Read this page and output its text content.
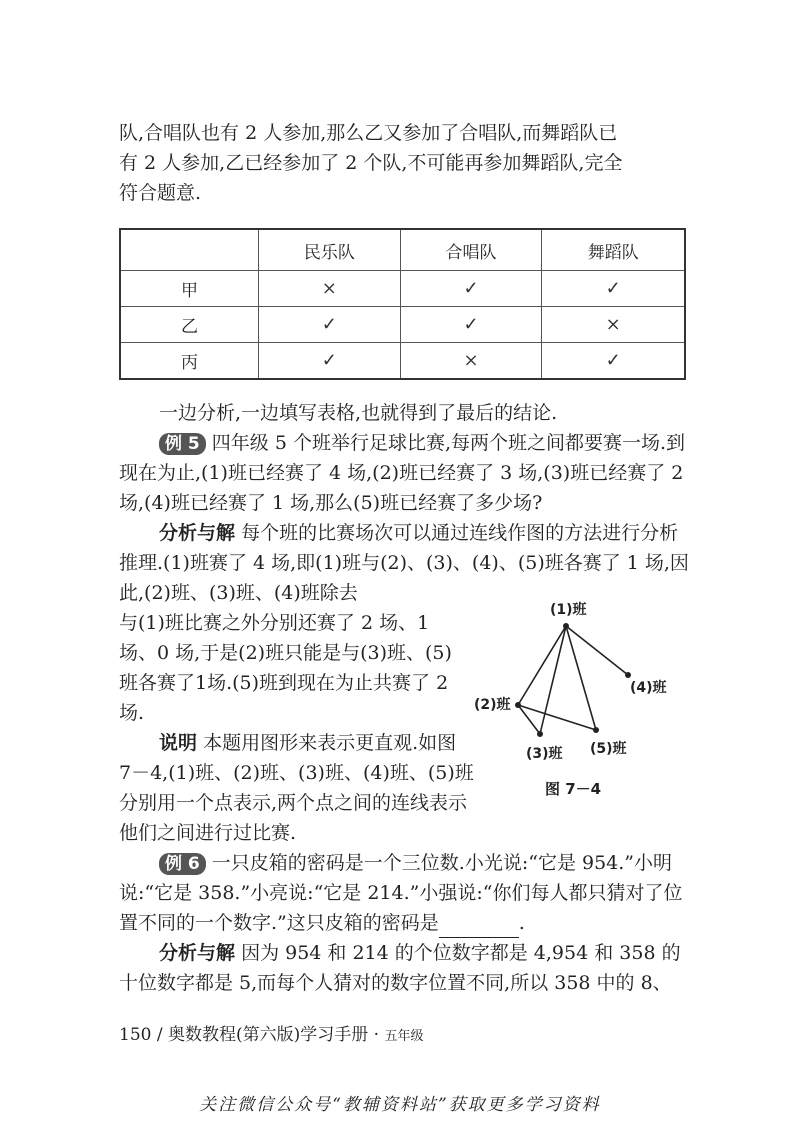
队,合唱队也有 2 人参加,那么乙又参加了合唱队,而舞蹈队已
有 2 人参加,乙已经参加了 2 个队,不可能再参加舞蹈队,完全
符合题意.

	民乐队	合唱队	舞蹈队
甲	×	✓	✓
乙	✓	✓	×
丙	✓	×	✓

一边分析,一边填写表格,也就得到了最后的结论.

例 5 四年级 5 个班举行足球比赛,每两个班之间都要赛一场.到现在为止,(1)班已经赛了 4 场,(2)班已经赛了 3 场,(3)班已经赛了 2 场,(4)班已经赛了 1 场,那么(5)班已经赛了多少场?

分析与解 每个班的比赛场次可以通过连线作图的方法进行分析推理.(1)班赛了 4 场,即(1)班与(2)、(3)、(4)、(5)班各赛了 1 场,因此,(2)班、(3)班、(4)班除去

与(1)班比赛之外分别还赛了 2 场、1 场、0 场,于是(2)班只能是与(3)班、(5)班各赛了1场.(5)班到现在为止共赛了 2 场.

说明 本题用图形来表示更直观.如图 7－4,(1)班、(2)班、(3)班、(4)班、(5)班分别用一个点表示,两个点之间的连线表示他们之间进行过比赛.

(1)班
(2)班
(3)班
(4)班
(5)班
图 7－4

例 6 一只皮箱的密码是一个三位数.小光说:“它是 954.”小明说:“它是 358.”小亮说:“它是 214.”小强说:“你们每人都只猜对了位置不同的一个数字.”这只皮箱的密码是	.

分析与解 因为 954 和 214 的个位数字都是 4,954 和 358 的十位数字都是 5,而每个人猜对的数字位置不同,所以 358 中的 8、

150 / 奥数教程(第六版)学习手册 · 五年级
关注微信公众号“教辅资料站”获取更多学习资料
